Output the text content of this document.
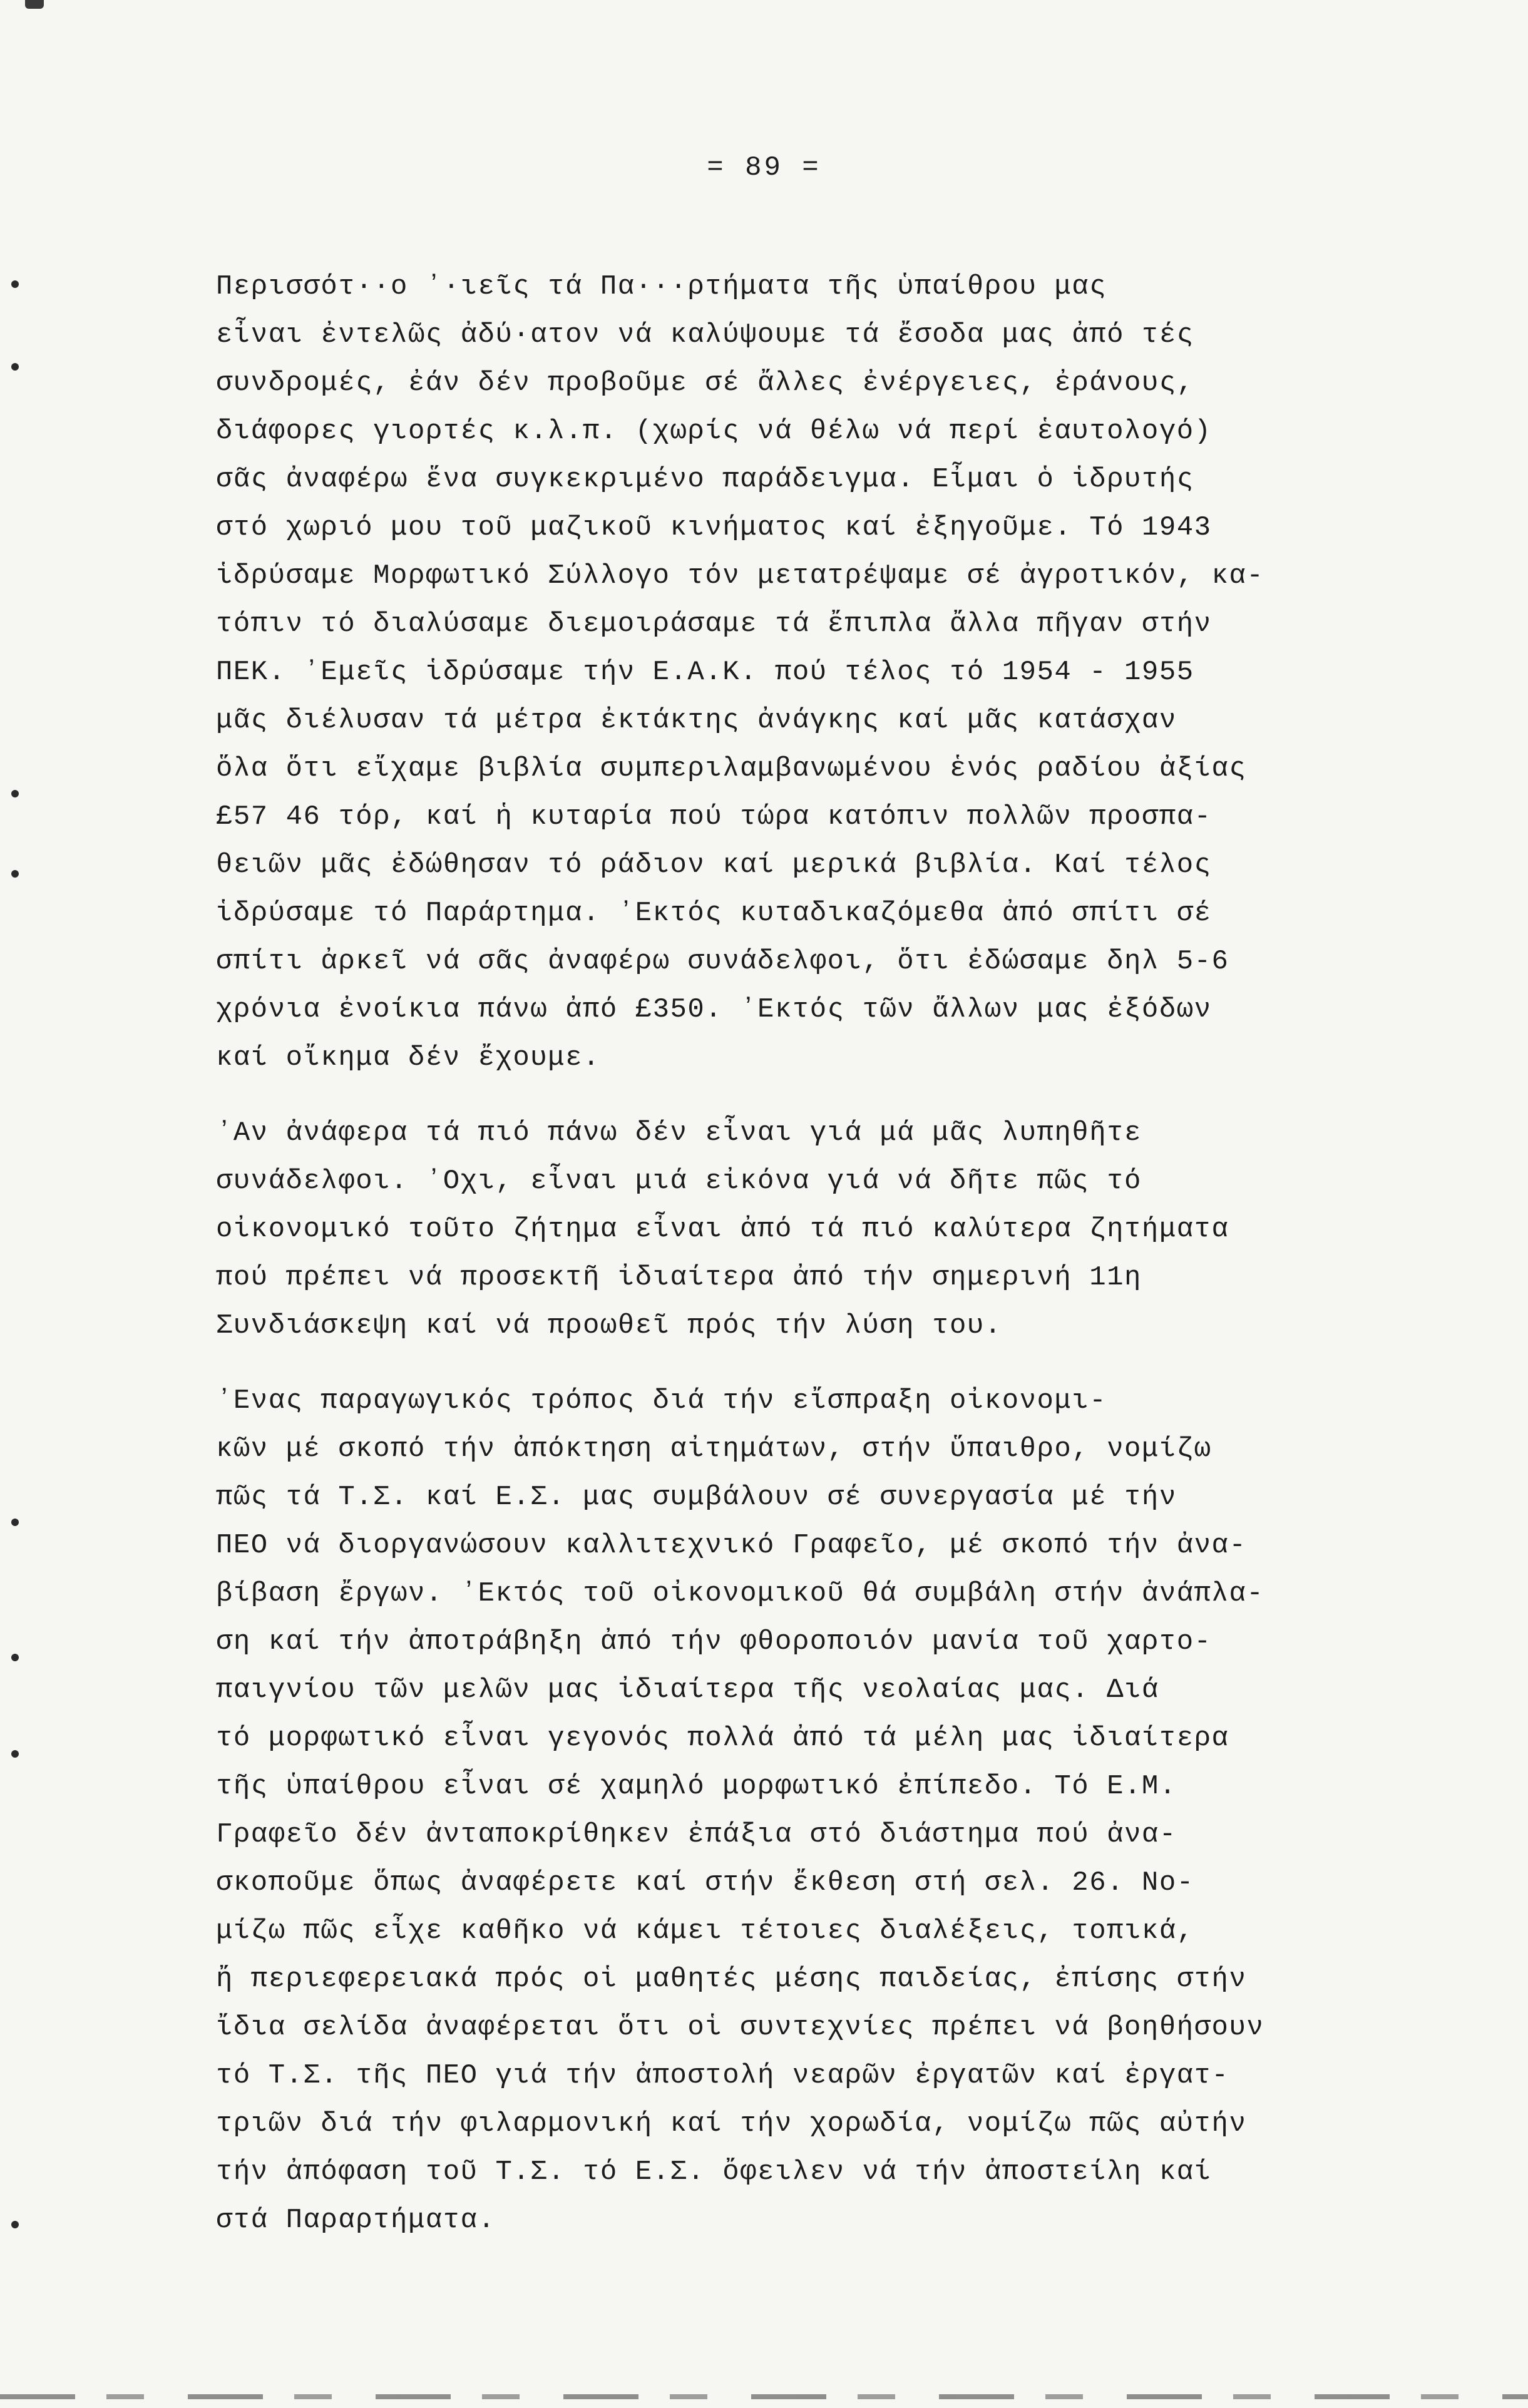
= 89 =
Περισσότ··ο ʼ·ιεῖς τά Πα···ρτήματα τῆς ὑπαίθρου μας
εἶναι ἐντελῶς ἀδύ·ατον νά καλύψουμε τά ἔσοδα μας ἀπό τές
συνδρομές, ἐάν δέν προβοῦμε σέ ἄλλες ἐνέργειες, ἐράνους,
διάφορες γιορτές κ.λ.π. (χωρίς νά θέλω νά περί ἑαυτολογό)
σᾶς ἀναφέρω ἕνα συγκεκριμένο παράδειγμα. Εἶμαι ὁ ἱδρυτής
στό χωριό μου τοῦ μαζικοῦ κινήματος καί ἐξηγοῦμε. Τό 1943
ἱδρύσαμε Μορφωτικό Σύλλογο τόν μετατρέψαμε σέ ἀγροτικόν, κα-
τόπιν τό διαλύσαμε διεμοιράσαμε τά ἔπιπλα ἄλλα πῆγαν στήν
ΠΕΚ. ʼΕμεῖς ἱδρύσαμε τήν Ε.Α.Κ. πού τέλος τό 1954 - 1955
μᾶς διέλυσαν τά μέτρα ἐκτάκτης ἀνάγκης καί μᾶς κατάσχαν
ὅλα ὅτι εἴχαμε βιβλία συμπεριλαμβανωμένου ἑνός ραδίου ἀξίας
£57 46 τόρ, καί ἡ κυταρία πού τώρα κατόπιν πολλῶν προσπα-
θειῶν μᾶς ἐδώθησαν τό ράδιον καί μερικά βιβλία. Καί τέλος
ἱδρύσαμε τό Παράρτημα. ʼΕκτός κυταδικαζόμεθα ἀπό σπίτι σέ
σπίτι ἀρκεῖ νά σᾶς ἀναφέρω συνάδελφοι, ὅτι ἐδώσαμε δηλ 5-6
χρόνια ἐνοίκια πάνω ἀπό £350. ʼΕκτός τῶν ἄλλων μας ἐξόδων
καί οἴκημα δέν ἔχουμε.
ʼΑν ἀνάφερα τά πιό πάνω δέν εἶναι γιά μά μᾶς λυπηθῆτε
συνάδελφοι. ʼΟχι, εἶναι μιά εἰκόνα γιά νά δῆτε πῶς τό
οἰκονομικό τοῦτο ζήτημα εἶναι ἀπό τά πιό καλύτερα ζητήματα
πού πρέπει νά προσεκτῆ ἰδιαίτερα ἀπό τήν σημερινή 11η
Συνδιάσκεψη καί νά προωθεῖ πρός τήν λύση του.
ʼΕνας παραγωγικός τρόπος διά τήν εἴσπραξη οἰκονομι-
κῶν μέ σκοπό τήν ἀπόκτηση αἰτημάτων, στήν ὕπαιθρο, νομίζω
πῶς τά Τ.Σ. καί Ε.Σ. μας συμβάλουν σέ συνεργασία μέ τήν
ΠΕΟ νά διοργανώσουν καλλιτεχνικό Γραφεῖο, μέ σκοπό τήν ἀνα-
βίβαση ἔργων. ʼΕκτός τοῦ οἰκονομικοῦ θά συμβάλη στήν ἀνάπλα-
ση καί τήν ἀποτράβηξη ἀπό τήν φθοροποιόν μανία τοῦ χαρτο-
παιγνίου τῶν μελῶν μας ἰδιαίτερα τῆς νεολαίας μας. Διά
τό μορφωτικό εἶναι γεγονός πολλά ἀπό τά μέλη μας ἰδιαίτερα
τῆς ὑπαίθρου εἶναι σέ χαμηλό μορφωτικό ἐπίπεδο. Τό Ε.Μ.
Γραφεῖο δέν ἀνταποκρίθηκεν ἐπάξια στό διάστημα πού ἀνα-
σκοποῦμε ὅπως ἀναφέρετε καί στήν ἔκθεση στή σελ. 26. Νο-
μίζω πῶς εἶχε καθῆκο νά κάμει τέτοιες διαλέξεις, τοπικά,
ἤ περιεφερειακά πρός οἱ μαθητές μέσης παιδείας, ἐπίσης στήν
ἴδια σελίδα ἀναφέρεται ὅτι οἱ συντεχνίες πρέπει νά βοηθήσουν
τό Τ.Σ. τῆς ΠΕΟ γιά τήν ἀποστολή νεαρῶν ἐργατῶν καί ἐργατ-
τριῶν διά τήν φιλαρμονική καί τήν χορωδία, νομίζω πῶς αὐτήν
τήν ἀπόφαση τοῦ Τ.Σ. τό Ε.Σ. ὄφειλεν νά τήν ἀποστείλη καί
στά Παραρτήματα.
